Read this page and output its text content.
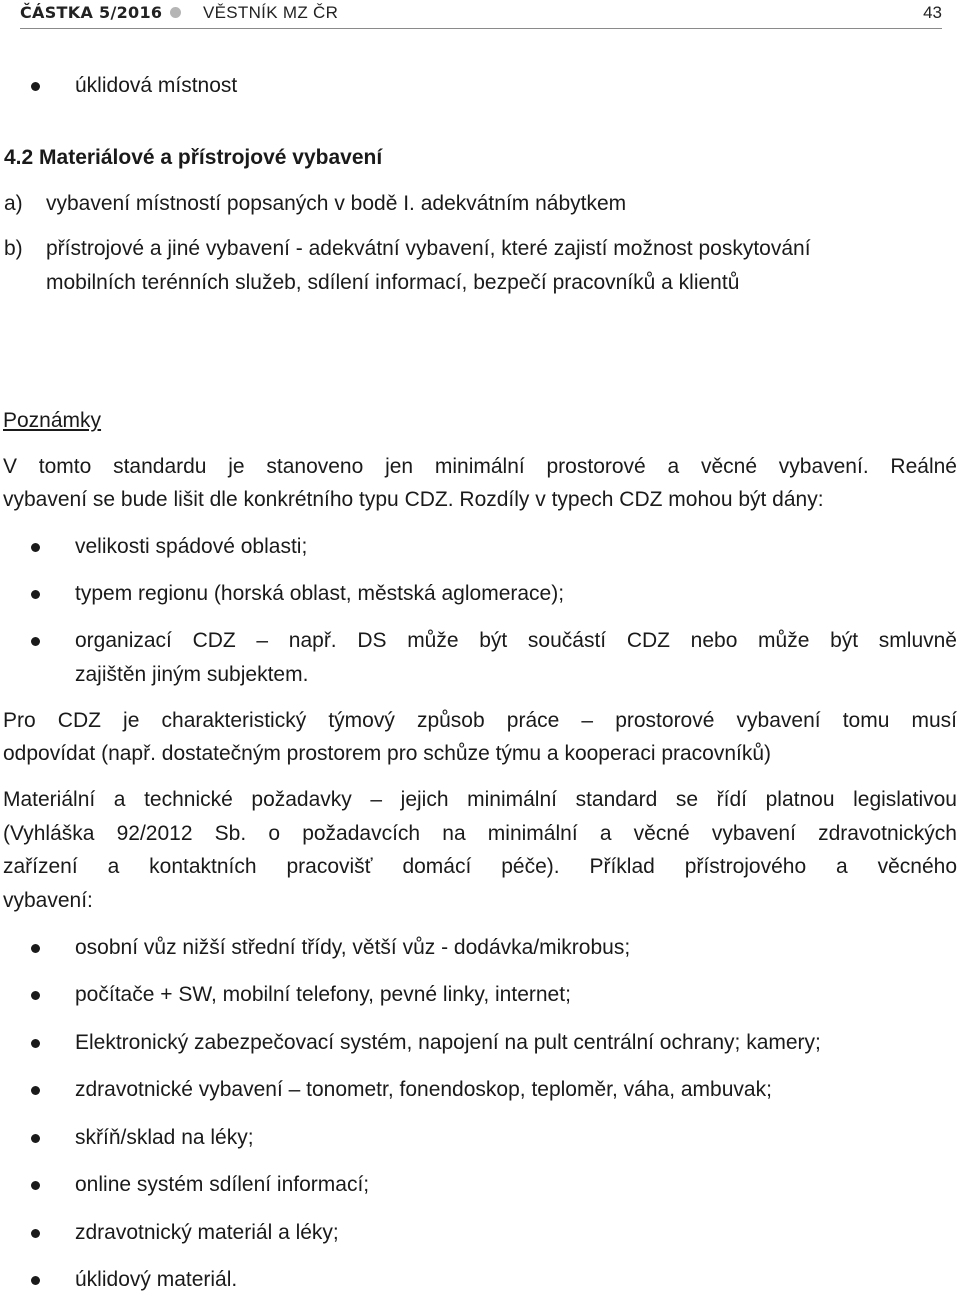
ČÁSTKA 5/2016 VĚSTNÍK MZ ČR	43
úklidová místnost
4.2 Materiálové a přístrojové vybavení
a) vybavení místností popsaných v bodě I. adekvátním nábytkem
b) přístrojové a jiné vybavení - adekvátní vybavení, které zajistí možnost poskytování
mobilních terénních služeb, sdílení informací, bezpečí pracovníků a klientů
Poznámky
V tomto standardu je stanoveno jen minimální prostorové a věcné vybavení. Reálné
vybavení se bude lišit dle konkrétního typu CDZ. Rozdíly v typech CDZ mohou být dány:
velikosti spádové oblasti;
typem regionu (horská oblast, městská aglomerace);
organizací CDZ – např. DS může být součástí CDZ nebo může být smluvně
zajištěn jiným subjektem.
Pro CDZ je charakteristický týmový způsob práce – prostorové vybavení tomu musí
odpovídat (např. dostatečným prostorem pro schůze týmu a kooperaci pracovníků)
Materiální a technické požadavky – jejich minimální standard se řídí platnou legislativou
(Vyhláška 92/2012 Sb. o požadavcích na minimální a věcné vybavení zdravotnických
zařízení a kontaktních pracovišť domácí péče). Příklad přístrojového a věcného
vybavení:
osobní vůz nižší střední třídy, větší vůz - dodávka/mikrobus;
počítače + SW, mobilní telefony, pevné linky, internet;
Elektronický zabezpečovací systém, napojení na pult centrální ochrany; kamery;
zdravotnické vybavení – tonometr, fonendoskop, teploměr, váha, ambuvak;
skříň/sklad na léky;
online systém sdílení informací;
zdravotnický materiál a léky;
úklidový materiál.
